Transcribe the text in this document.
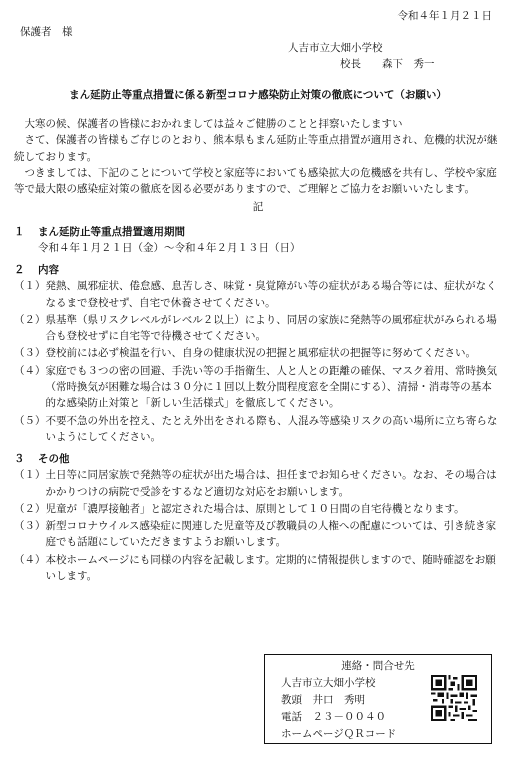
令和４年１月２１日
保護者　様
人吉市立大畑小学校
校長　　森下　秀一
まん延防止等重点措置に係る新型コロナ感染防止対策の徹底について（お願い）

大寒の候、保護者の皆様におかれましては益々ご健勝のことと拝察いたしますい

さて、保護者の皆様もご存じのとおり、熊本県もまん延防止等重点措置が適用され、危機的状況が継続しております。

つきましては、下記のことについて学校と家庭等においても感染拡大の危機感を共有し、学校や家庭等で最大限の感染症対策の徹底を図る必要がありますので、ご理解とご協力をお願いいたします。

記

１ まん延防止等重点措置適用期間

令和４年１月２１日（金）～令和４年２月１３日（日）

２ 内容

（１） 発熱、風邪症状、倦怠感、息苦しさ、味覚・臭覚障がい等の症状がある場合等には、症状がなくなるまで登校せず、自宅で休養させてください。
（２） 県基準（県リスクレベルがレベル２以上）により、同居の家族に発熱等の風邪症状がみられる場合も登校せずに自宅等で待機させてください。
（３） 登校前には必ず検温を行い、自身の健康状況の把握と風邪症状の把握等に努めてください。
（４） 家庭でも３つの密の回避、手洗い等の手指衛生、人と人との距離の確保、マスク着用、常時換気（常時換気が困難な場合は３０分に１回以上数分間程度窓を全開にする）、清掃・消毒等の基本的な感染防止対策と「新しい生活様式」を徹底してください。
（５） 不要不急の外出を控え、たとえ外出をされる際も、人混み等感染リスクの高い場所に立ち寄らないようにしてください。

３ その他

（１） 土日等に同居家族で発熱等の症状が出た場合は、担任までお知らせください。なお、その場合はかかりつけの病院で受診をするなど適切な対応をお願いします。
（２） 児童が「濃厚接触者」と認定された場合は、原則として１０日間の自宅待機となります。
（３） 新型コロナウイルス感染症に関連した児童等及び教職員の人権への配慮については、引き続き家庭でも話題にしていただきますようお願いします。
（４） 本校ホームページにも同様の内容を記載します。定期的に情報提供しますので、随時確認をお願いします。
連絡・問合せ先
人吉市立大畑小学校
教頭　井口　秀明
電話　２３－００４０
ホームページＱＲコード
